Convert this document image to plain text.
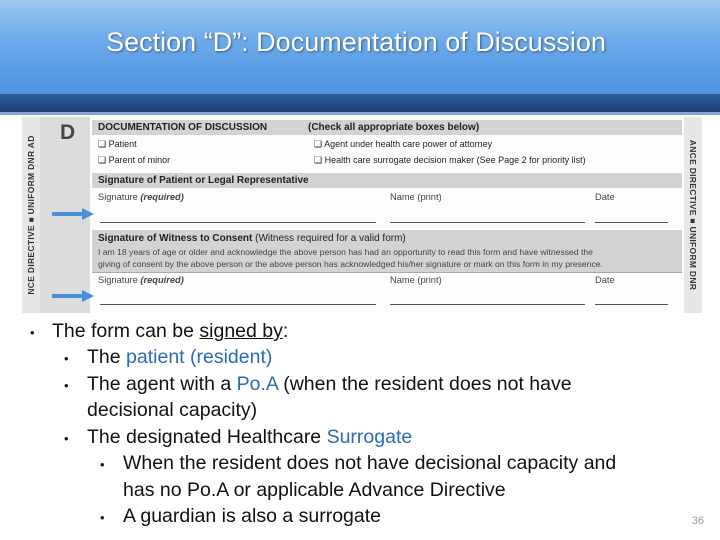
Section “D”: Documentation of Discussion
NCE DIRECTIVE ■ UNIFORM DNR AD
D DOCUMENTATION OF DISCUSSION	(Check all appropriate boxes below)
❑ Patient	❑ Agent under health care power of attorney
❑ Parent of minor	❑ Health care surrogate decision maker (See Page 2 for priority list)
Signature of Patient or Legal Representative
Signature (required)	Name (print)	Date
Signature of Witness to Consent (Witness required for a valid form)
I am 18 years of age or older and acknowledge the above person has had an opportunity to read this form and have witnessed the
giving of consent by the above person or the above person has acknowledged his/her signature or mark on this form in my presence.
Signature (required)	Name (print)	Date	ANCE DIRECTIVE ■ UNIFORM DNR
• The form can be signed by:
• The patient (resident)
• The agent with a Po.A (when the resident does not have
decisional capacity)
• The designated Healthcare Surrogate
• When the resident does not have decisional capacity and
has no Po.A or applicable Advance Directive
• A guardian is also a surrogate	36
